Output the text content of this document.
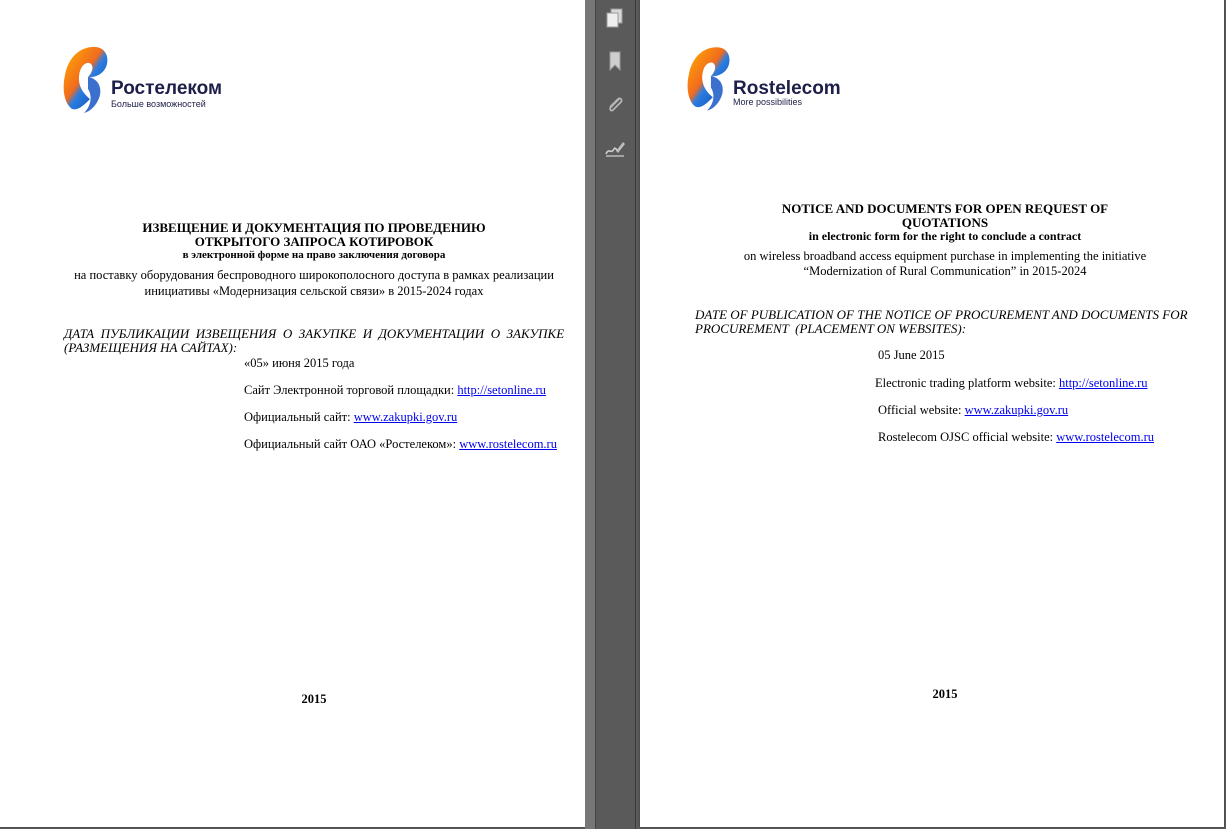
Ростелеком
Больше возможностей
ИЗВЕЩЕНИЕ И ДОКУМЕНТАЦИЯ ПО ПРОВЕДЕНИЮ
ОТКРЫТОГО ЗАПРОСА КОТИРОВОК
в электронной форме на право заключения договора
на поставку оборудования беспроводного широкополосного доступа в рамках реализации
инициативы «Модернизация сельской связи» в 2015-2024 годах
ДАТА  ПУБЛИКАЦИИ  ИЗВЕЩЕНИЯ  О  ЗАКУПКЕ  И  ДОКУМЕНТАЦИИ  О  ЗАКУПКЕ
(РАЗМЕЩЕНИЯ НА САЙТАХ):
«05» июня 2015 года
Сайт Электронной торговой площадки: http://setonline.ru
Официальный сайт: www.zakupki.gov.ru
Официальный сайт ОАО «Ростелеком»: www.rostelecom.ru
2015
Rostelecom
More possibilities
NOTICE AND DOCUMENTS FOR OPEN REQUEST OF
QUOTATIONS
in electronic form for the right to conclude a contract
on wireless broadband access equipment purchase in implementing the initiative
“Modernization of Rural Communication” in 2015-2024
DATE OF PUBLICATION OF THE NOTICE OF PROCUREMENT AND DOCUMENTS FOR
PROCUREMENT  (PLACEMENT ON WEBSITES):
05 June 2015
Electronic trading platform website: http://setonline.ru
Official website: www.zakupki.gov.ru
Rostelecom OJSC official website: www.rostelecom.ru
2015
